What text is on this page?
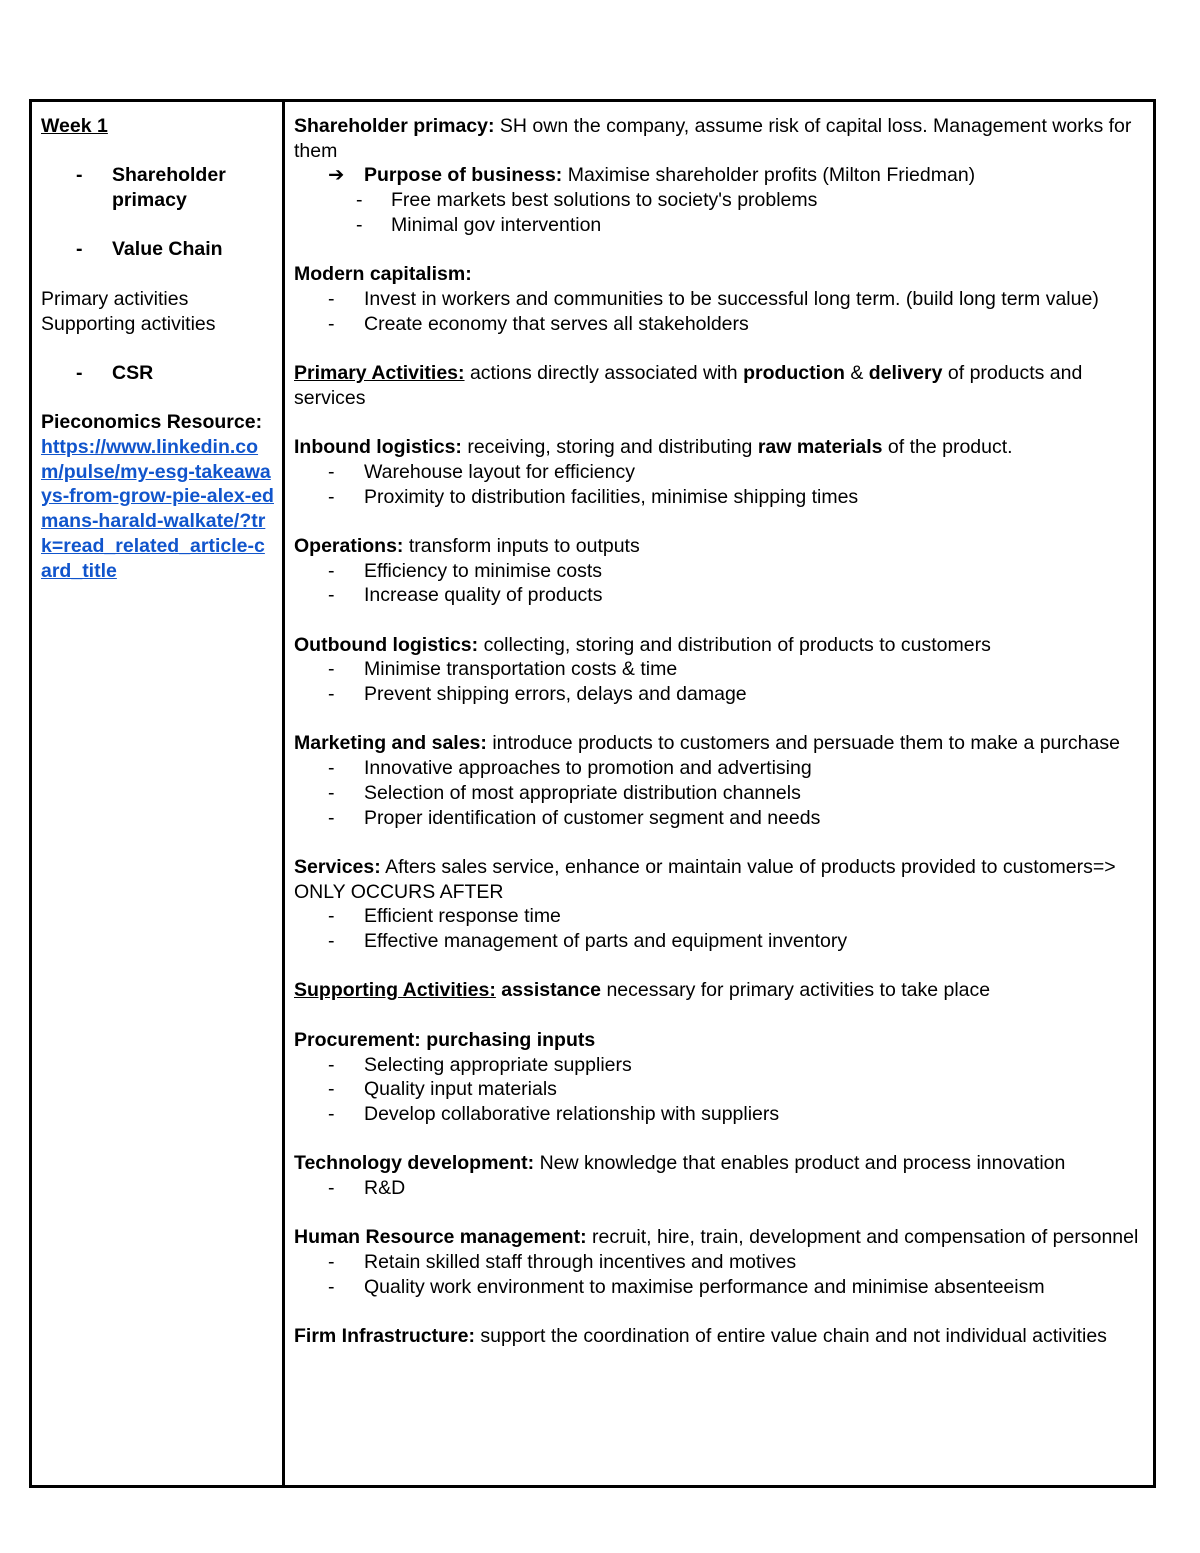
Week 1
-	Shareholder primacy
-	Value Chain
Primary activities
Supporting activities
-	CSR
Pieconomics Resource:
https://www.linkedin.com/pulse/my-esg-takeaways-from-grow-pie-alex-edmans-harald-walkate/?trk=read_related_article-card_title
Shareholder primacy: SH own the company, assume risk of capital loss. Management works for them
➔	Purpose of business: Maximise shareholder profits (Milton Friedman)
-	Free markets best solutions to society's problems
-	Minimal gov intervention
Modern capitalism:
-	Invest in workers and communities to be successful long term. (build long term value)
-	Create economy that serves all stakeholders
Primary Activities: actions directly associated with production & delivery of products and services
Inbound logistics: receiving, storing and distributing raw materials of the product.
-	Warehouse layout for efficiency
-	Proximity to distribution facilities, minimise shipping times
Operations: transform inputs to outputs
-	Efficiency to minimise costs
-	Increase quality of products
Outbound logistics: collecting, storing and distribution of products to customers
-	Minimise transportation costs & time
-	Prevent shipping errors, delays and damage
Marketing and sales: introduce products to customers and persuade them to make a purchase
-	Innovative approaches to promotion and advertising
-	Selection of most appropriate distribution channels
-	Proper identification of customer segment and needs
Services: Afters sales service, enhance or maintain value of products provided to customers=> ONLY OCCURS AFTER
-	Efficient response time
-	Effective management of parts and equipment inventory
Supporting Activities: assistance necessary for primary activities to take place
Procurement: purchasing inputs
-	Selecting appropriate suppliers
-	Quality input materials
-	Develop collaborative relationship with suppliers
Technology development: New knowledge that enables product and process innovation
-	R&D
Human Resource management: recruit, hire, train, development and compensation of personnel
-	Retain skilled staff through incentives and motives
-	Quality work environment to maximise performance and minimise absenteeism
Firm Infrastructure: support the coordination of entire value chain and not individual activities
